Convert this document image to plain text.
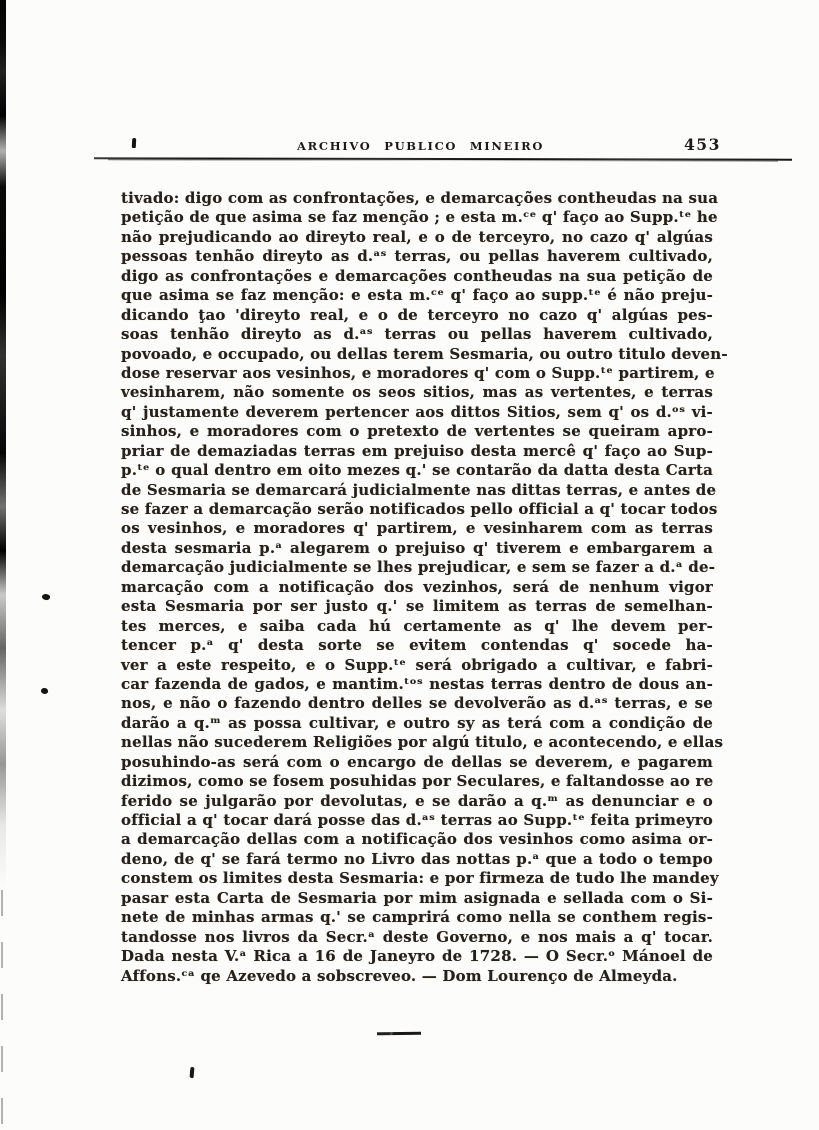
ARCHIVO PUBLICO MINEIRO	453
tivado: digo com as confrontações, e demarcações contheudas na sua
petição de que asima se faz menção ; e esta m.ᶜᵉ q' faço ao Supp.ᵗᵉ he
não prejudicando ao direyto real, e o de terceyro, no cazo q' algúas
pessoas tenhão direyto as d.ᵃˢ terras, ou pellas haverem cultivado,
digo as confrontações e demarcações contheudas na sua petição de
que asima se faz menção: e esta m.ᶜᵉ q' faço ao supp.ᵗᵉ é não preju-
dicando ţao 'direyto real, e o de terceyro no cazo q' algúas pes-
soas tenhão direyto as d.ᵃˢ terras ou pellas haverem cultivado,
povoado, e occupado, ou dellas terem Sesmaria, ou outro titulo deven-
dose reservar aos vesinhos, e moradores q' com o Supp.ᵗᵉ partirem, e
vesinharem, não somente os seos sitios, mas as vertentes, e terras
q' justamente deverem pertencer aos dittos Sitios, sem q' os d.ᵒˢ vi-
sinhos, e moradores com o pretexto de vertentes se queiram apro-
priar de demaziadas terras em prejuiso desta mercê q' faço ao Sup-
p.ᵗᵉ o qual dentro em oito mezes q.' se contarão da datta desta Carta
de Sesmaria se demarcará judicialmente nas dittas terras, e antes de
se fazer a demarcação serão notificados pello official a q' tocar todos
os vesinhos, e moradores q' partirem, e vesinharem com as terras
desta sesmaria p.ᵃ alegarem o prejuiso q' tiverem e embargarem a
demarcação judicialmente se lhes prejudicar, e sem se fazer a d.ᵃ de-
marcação com a notificação dos vezinhos, será de nenhum vigor
esta Sesmaria por ser justo q.' se limitem as terras de semelhan-
tes merces, e saiba cada hú certamente as q' lhe devem per-
tencer p.ᵃ q' desta sorte se evitem contendas q' socede ha-
ver a este respeito, e o Supp.ᵗᵉ será obrigado a cultivar, e fabri-
car fazenda de gados, e mantim.ᵗᵒˢ nestas terras dentro de dous an-
nos, e não o fazendo dentro delles se devolverão as d.ᵃˢ terras, e se
darão a q.ᵐ as possa cultivar, e outro sy as terá com a condição de
nellas não sucederem Religiões por algú titulo, e acontecendo, e ellas
posuhindo-as será com o encargo de dellas se deverem, e pagarem
dizimos, como se fosem posuhidas por Seculares, e faltandosse ao re
ferido se julgarão por devolutas, e se darão a q.ᵐ as denunciar e o
official a q' tocar dará posse das d.ᵃˢ terras ao Supp.ᵗᵉ feita primeyro
a demarcação dellas com a notificação dos vesinhos como asima or-
deno, de q' se fará termo no Livro das nottas p.ᵃ que a todo o tempo
constem os limites desta Sesmaria: e por firmeza de tudo lhe mandey
pasar esta Carta de Sesmaria por mim asignada e sellada com o Si-
nete de minhas armas q.' se camprirá como nella se conthem regis-
tandosse nos livros da Secr.ᵃ deste Governo, e nos mais a q' tocar.
Dada nesta V.ᵃ Rica a 16 de Janeyro de 1728. — O Secr.ᵒ Mánoel de
Affons.ᶜᵃ qe Azevedo a sobscreveo. — Dom Lourenço de Almeyda.
